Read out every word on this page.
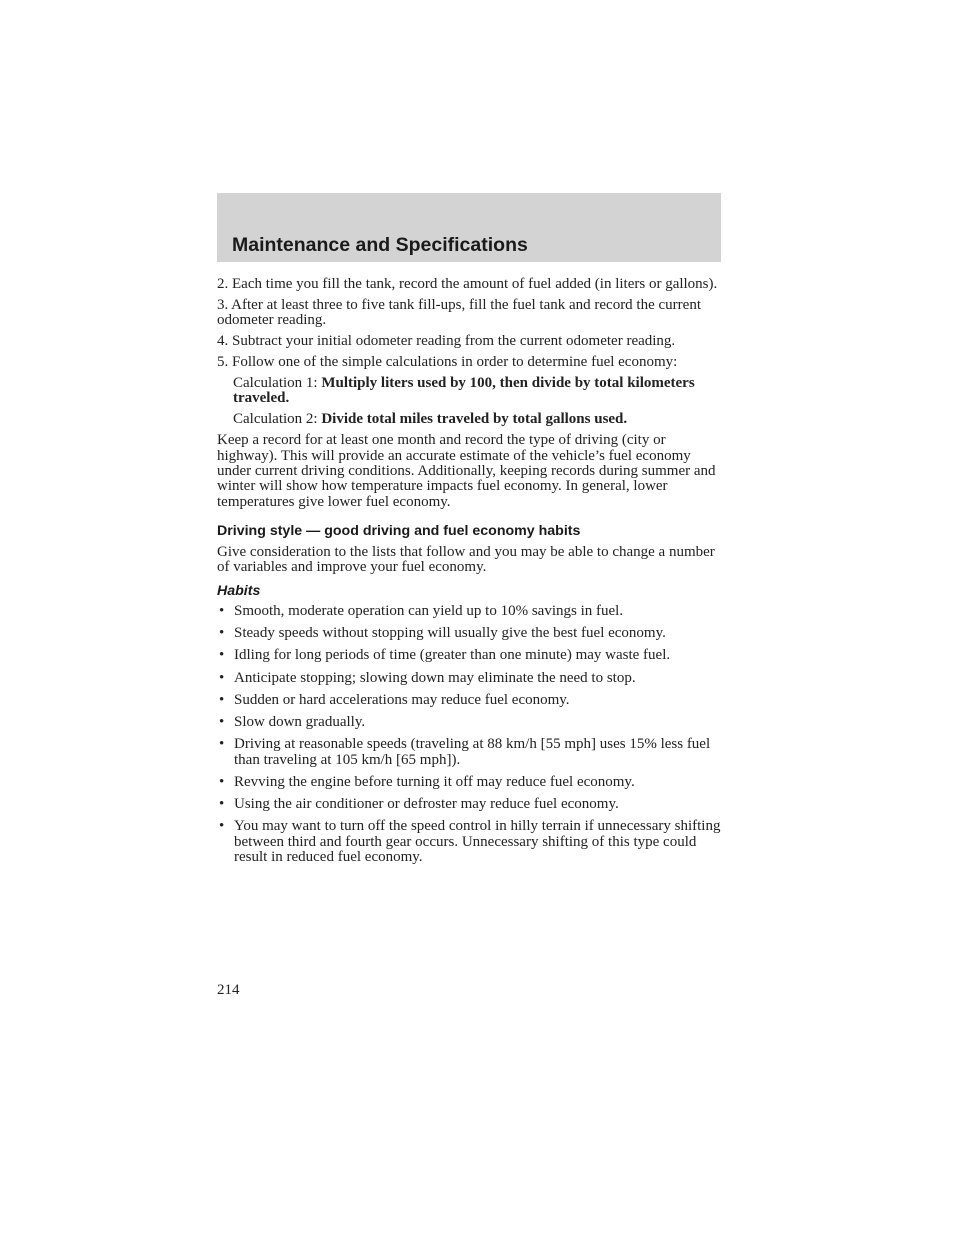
Maintenance and Specifications

2. Each time you fill the tank, record the amount of fuel added (in liters or gallons).

3. After at least three to five tank fill-ups, fill the fuel tank and record the current odometer reading.

4. Subtract your initial odometer reading from the current odometer reading.

5. Follow one of the simple calculations in order to determine fuel economy:

Calculation 1: Multiply liters used by 100, then divide by total kilometers traveled.

Calculation 2: Divide total miles traveled by total gallons used.

Keep a record for at least one month and record the type of driving (city or highway). This will provide an accurate estimate of the vehicle’s fuel economy under current driving conditions. Additionally, keeping records during summer and winter will show how temperature impacts fuel economy. In general, lower temperatures give lower fuel economy.

Driving style — good driving and fuel economy habits

Give consideration to the lists that follow and you may be able to change a number of variables and improve your fuel economy.

Habits
• Smooth, moderate operation can yield up to 10% savings in fuel.
• Steady speeds without stopping will usually give the best fuel economy.
• Idling for long periods of time (greater than one minute) may waste fuel.
• Anticipate stopping; slowing down may eliminate the need to stop.
• Sudden or hard accelerations may reduce fuel economy.
• Slow down gradually.
• Driving at reasonable speeds (traveling at 88 km/h [55 mph] uses 15% less fuel than traveling at 105 km/h [65 mph]).
• Revving the engine before turning it off may reduce fuel economy.
• Using the air conditioner or defroster may reduce fuel economy.
• You may want to turn off the speed control in hilly terrain if unnecessary shifting between third and fourth gear occurs. Unnecessary shifting of this type could result in reduced fuel economy.
214
